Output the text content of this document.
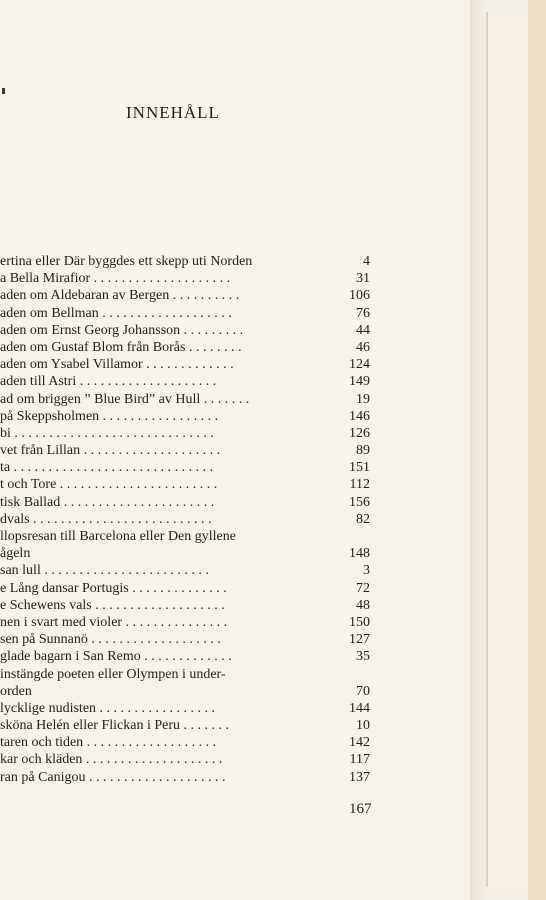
INNEHÅLL
ertina eller Där byggdes ett skepp uti Norden	4
a Bella Mirafior . . . . . . . . . . . . . . . . . . . .	31
aden om Aldebaran av Bergen . . . . . . . . . .	106
aden om Bellman . . . . . . . . . . . . . . . . . . .	76
aden om Ernst Georg Johansson . . . . . . . . .	44
aden om Gustaf Blom från Borås . . . . . . . .	46
aden om Ysabel Villamor . . . . . . . . . . . . .	124
aden till Astri . . . . . . . . . . . . . . . . . . . .	149
ad om briggen ” Blue Bird” av Hull . . . . . . .	19
på Skeppsholmen . . . . . . . . . . . . . . . . .	146
bi . . . . . . . . . . . . . . . . . . . . . . . . . . . . .	126
vet från Lillan . . . . . . . . . . . . . . . . . . . .	89
ta . . . . . . . . . . . . . . . . . . . . . . . . . . . . .	151
t och Tore . . . . . . . . . . . . . . . . . . . . . . .	112
tisk Ballad . . . . . . . . . . . . . . . . . . . . . .	156
dvals . . . . . . . . . . . . . . . . . . . . . . . . . .	82
llopsresan till Barcelona eller Den gyllene
ågeln	148
san lull . . . . . . . . . . . . . . . . . . . . . . . .	3
e Lång dansar Portugis . . . . . . . . . . . . . .	72
e Schewens vals . . . . . . . . . . . . . . . . . . .	48
nen i svart med violer . . . . . . . . . . . . . . .	150
sen på Sunnanö . . . . . . . . . . . . . . . . . . .	127
glade bagarn i San Remo . . . . . . . . . . . . .	35
instängde poeten eller Olympen i under-
orden	70
lycklige nudisten . . . . . . . . . . . . . . . . .	144
sköna Helén eller Flickan i Peru . . . . . . .	10
taren och tiden . . . . . . . . . . . . . . . . . . .	142
kar och kläden . . . . . . . . . . . . . . . . . . . .	117
ran på Canigou . . . . . . . . . . . . . . . . . . . .	137
167
